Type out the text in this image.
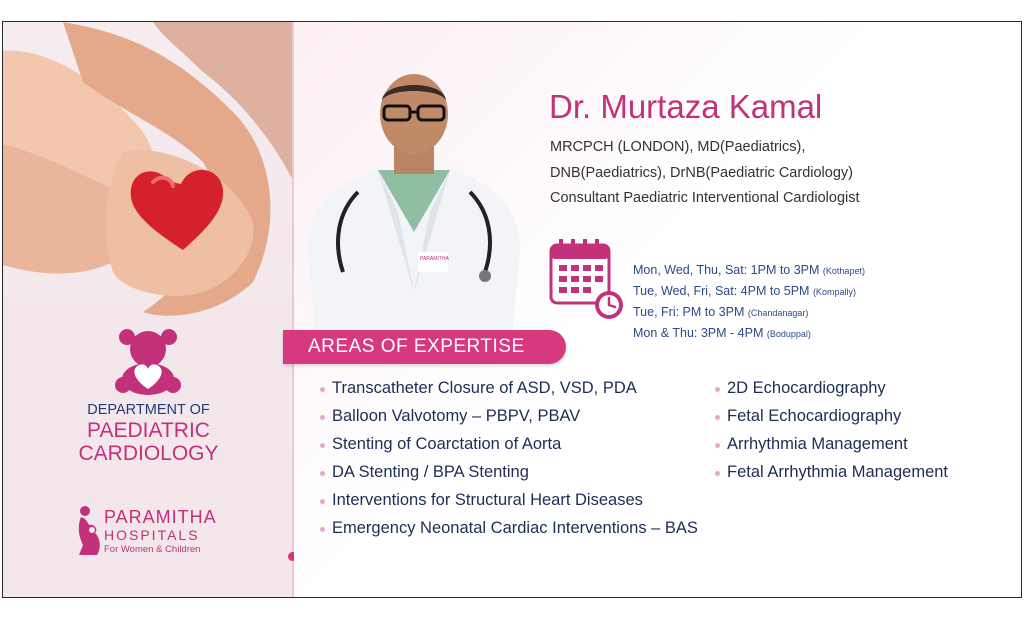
DEPARTMENT OF
PAEDIATRIC
CARDIOLOGY
PARAMITHA
HOSPITALS
For Women & Children
PARAMITHA
Dr. Murtaza Kamal
MRCPCH (LONDON), MD(Paediatrics),
DNB(Paediatrics), DrNB(Paediatric Cardiology)
Consultant Paediatric Interventional Cardiologist
Mon, Wed, Thu, Sat: 1PM to 3PM (Kothapet)
Tue, Wed, Fri, Sat: 4PM to 5PM (Kompally)
Tue, Fri: PM to 3PM (Chandanagar)
Mon & Thu: 3PM - 4PM (Boduppal)
AREAS OF EXPERTISE
Transcatheter Closure of ASD, VSD, PDA
Balloon Valvotomy – PBPV, PBAV
Stenting of Coarctation of Aorta
DA Stenting / BPA Stenting
Interventions for Structural Heart Diseases
Emergency Neonatal Cardiac Interventions – BAS
2D Echocardiography
Fetal Echocardiography
Arrhythmia Management
Fetal Arrhythmia Management
